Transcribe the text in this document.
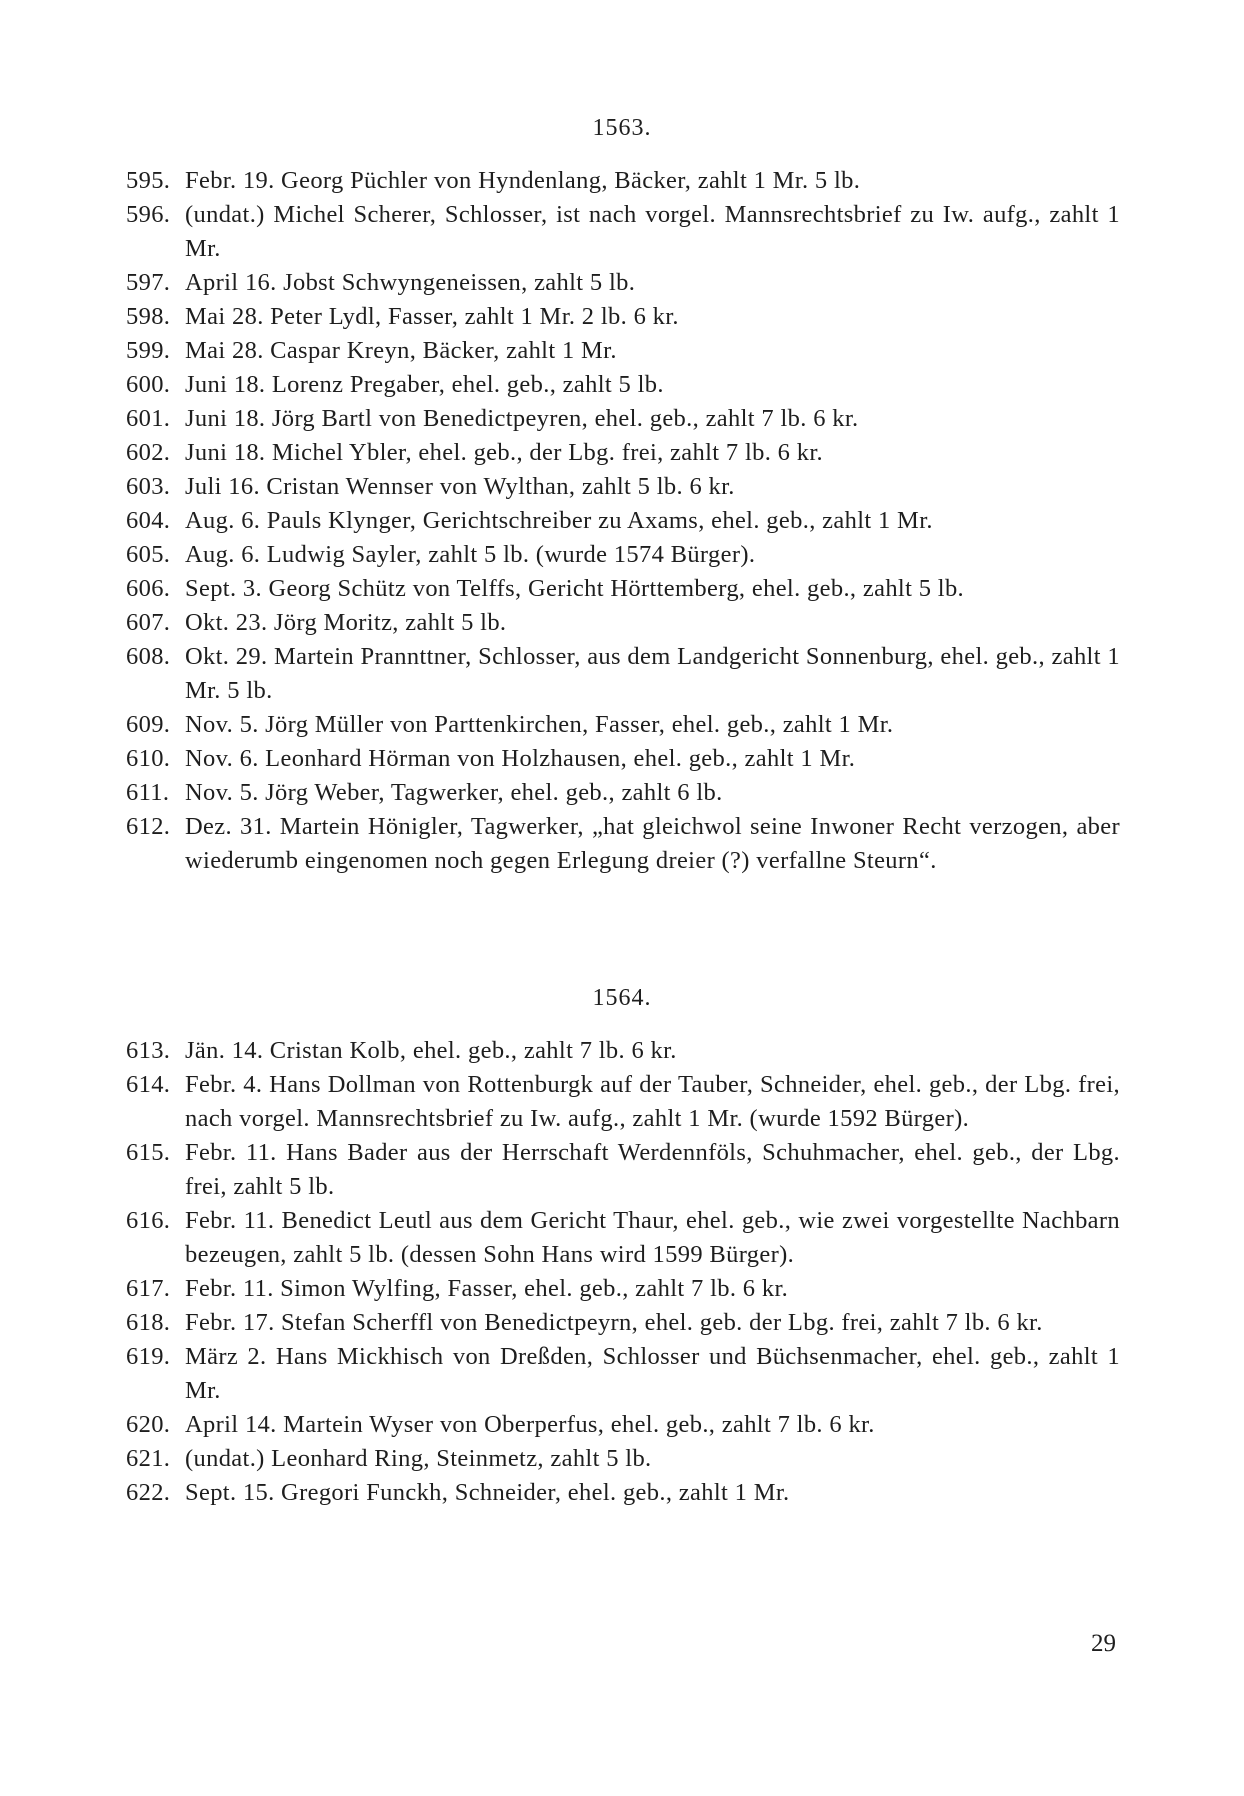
1563.
595. Febr. 19. Georg Püchler von Hyndenlang, Bäcker, zahlt 1 Mr. 5 lb.
596. (undat.) Michel Scherer, Schlosser, ist nach vorgel. Mannsrechtsbrief zu Iw. aufg., zahlt 1 Mr.
597. April 16. Jobst Schwyngeneissen, zahlt 5 lb.
598. Mai 28. Peter Lydl, Fasser, zahlt 1 Mr. 2 lb. 6 kr.
599. Mai 28. Caspar Kreyn, Bäcker, zahlt 1 Mr.
600. Juni 18. Lorenz Pregaber, ehel. geb., zahlt 5 lb.
601. Juni 18. Jörg Bartl von Benedictpeyren, ehel. geb., zahlt 7 lb. 6 kr.
602. Juni 18. Michel Ybler, ehel. geb., der Lbg. frei, zahlt 7 lb. 6 kr.
603. Juli 16. Cristan Wennser von Wylthan, zahlt 5 lb. 6 kr.
604. Aug. 6. Pauls Klynger, Gerichtschreiber zu Axams, ehel. geb., zahlt 1 Mr.
605. Aug. 6. Ludwig Sayler, zahlt 5 lb. (wurde 1574 Bürger).
606. Sept. 3. Georg Schütz von Telffs, Gericht Hörttemberg, ehel. geb., zahlt 5 lb.
607. Okt. 23. Jörg Moritz, zahlt 5 lb.
608. Okt. 29. Martein Prannttner, Schlosser, aus dem Landgericht Sonnenburg, ehel. geb., zahlt 1 Mr. 5 lb.
609. Nov. 5. Jörg Müller von Parttenkirchen, Fasser, ehel. geb., zahlt 1 Mr.
610. Nov. 6. Leonhard Hörman von Holzhausen, ehel. geb., zahlt 1 Mr.
611. Nov. 5. Jörg Weber, Tagwerker, ehel. geb., zahlt 6 lb.
612. Dez. 31. Martein Hönigler, Tagwerker, „hat gleichwol seine Inwoner Recht verzogen, aber wiederumb eingenomen noch gegen Erlegung dreier (?) verfallne Steurn“.
1564.
613. Jän. 14. Cristan Kolb, ehel. geb., zahlt 7 lb. 6 kr.
614. Febr. 4. Hans Dollman von Rottenburgk auf der Tauber, Schneider, ehel. geb., der Lbg. frei, nach vorgel. Mannsrechtsbrief zu Iw. aufg., zahlt 1 Mr. (wurde 1592 Bürger).
615. Febr. 11. Hans Bader aus der Herrschaft Werdennföls, Schuhmacher, ehel. geb., der Lbg. frei, zahlt 5 lb.
616. Febr. 11. Benedict Leutl aus dem Gericht Thaur, ehel. geb., wie zwei vorgestellte Nachbarn bezeugen, zahlt 5 lb. (dessen Sohn Hans wird 1599 Bürger).
617. Febr. 11. Simon Wylfing, Fasser, ehel. geb., zahlt 7 lb. 6 kr.
618. Febr. 17. Stefan Scherffl von Benedictpeyrn, ehel. geb. der Lbg. frei, zahlt 7 lb. 6 kr.
619. März 2. Hans Mickhisch von Dreßden, Schlosser und Büchsenmacher, ehel. geb., zahlt 1 Mr.
620. April 14. Martein Wyser von Oberperfus, ehel. geb., zahlt 7 lb. 6 kr.
621. (undat.) Leonhard Ring, Steinmetz, zahlt 5 lb.
622. Sept. 15. Gregori Funckh, Schneider, ehel. geb., zahlt 1 Mr.
29
